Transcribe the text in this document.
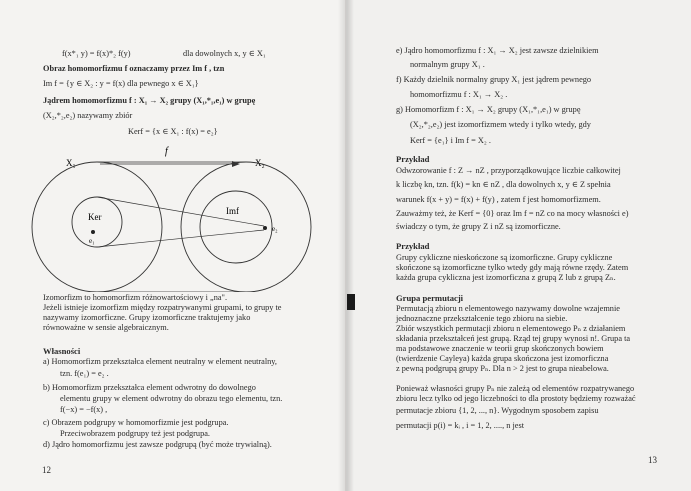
f(x*₁ y) = f(x)*₂ f(y)	dla dowolnych x, y ∈ X₁
Obraz homomorfizmu f oznaczamy przez Im f , tzn
Im f = {y ∈ X₂ : y = f(x) dla pewnego x ∈ X₁}
Jądrem homomorfizmu f : X₁ → X₂ grupy (X₁,*₁,e₁) w grupę
(X₂,*₂,e₂) nazywamy zbiór
Kerf = {x ∈ X₁ : f(x) = e₂}
f
X₁	X₂
Ker
e₁
Imf
e₂
Izomorfizm to homomorfizm różnowartościowy i „na".
Jeżeli istnieje izomorfizm między rozpatrywanymi grupami, to grupy te
nazywamy izomorficzne. Grupy izomorficzne traktujemy jako
równoważne w sensie algebraicznym.
Własności
a) Homomorfizm przekształca element neutralny w element neutralny,
tzn. f(e₁) = e₂ .
b) Homomorfizm przekształca element odwrotny do dowolnego
elementu grupy w element odwrotny do obrazu tego elementu, tzn.
f(−x) = −f(x) ,
c) Obrazem podgrupy w homomorfizmie jest podgrupa.
Przeciwobrazem podgrupy też jest podgrupa.
d) Jądro homomorfizmu jest zawsze podgrupą (być może trywialną).
12
e) Jądro homomorfizmu f : X₁ → X₂ jest zawsze dzielnikiem
normalnym grupy X₁ .
f) Każdy dzielnik normalny grupy X₁ jest jądrem pewnego
homomorfizmu f : X₁ → X₂ .
g) Homomorfizm f : X₁ → X₂ grupy (X₁,*₁,e₁) w grupę
(X₂,*₂,e₂) jest izomorfizmem wtedy i tylko wtedy, gdy
Kerf = {e₁} i Im f = X₂ .
Przykład
Odwzorowanie f : Z → nZ , przyporządkowujące liczbie całkowitej
k liczbę kn, tzn. f(k) = kn ∈ nZ , dla dowolnych x, y ∈ Z spełnia
warunek f(x + y) = f(x) + f(y) , zatem f jest homomorfizmem.
Zauważmy też, że Kerf = {0} oraz Im f = nZ co na mocy własności e)
świadczy o tym, że grupy Z i nZ są izomorficzne.
Przykład
Grupy cykliczne nieskończone są izomorficzne. Grupy cykliczne
skończone są izomorficzne tylko wtedy gdy mają równe rzędy. Zatem
każda grupa cykliczna jest izomorficzna z grupą Z lub z grupą Zₙ.
Grupa permutacji
Permutacją zbioru n elementowego nazywamy dowolne wzajemnie
jednoznaczne przekształcenie tego zbioru na siebie.
Zbiór wszystkich permutacji zbioru n elementowego Pₙ z działaniem
składania przekształceń jest grupą. Rząd tej grupy wynosi n!. Grupa ta
ma podstawowe znaczenie w teorii grup skończonych bowiem
(twierdzenie Cayleya) każda grupa skończona jest izomorficzna
z pewną podgrupą grupy Pₙ. Dla n > 2 jest to grupa nieabelowa.
Ponieważ własności grupy Pₙ nie zależą od elementów rozpatrywanego
zbioru lecz tylko od jego liczebności to dla prostoty będziemy rozważać
permutacje zbioru {1, 2, ..., n}. Wygodnym sposobem zapisu
permutacji p(i) = kᵢ , i = 1, 2, ...., n jest
13
